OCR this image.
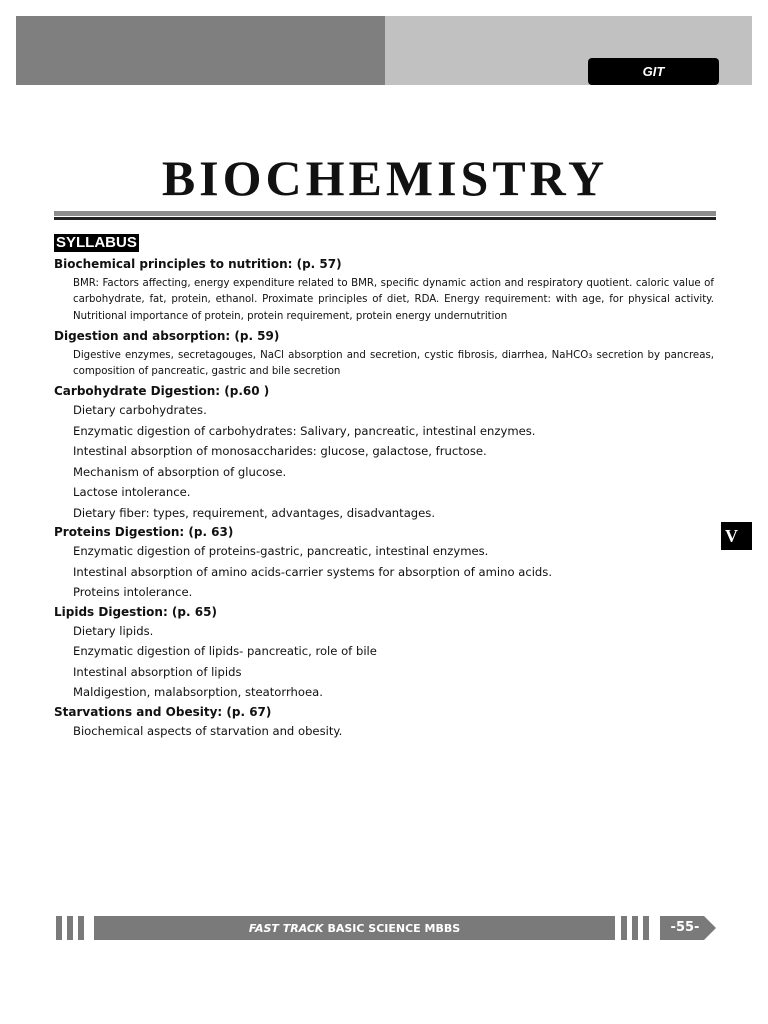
GIT
BIOCHEMISTRY
SYLLABUS
Biochemical principles to nutrition: (p. 57)
BMR: Factors affecting, energy expenditure related to BMR, specific dynamic action and respiratory quotient. caloric value of carbohydrate, fat, protein, ethanol. Proximate principles of diet, RDA. Energy requirement: with age, for physical activity. Nutritional importance of protein, protein requirement, protein energy undernutrition
Digestion and absorption: (p. 59)
Digestive enzymes, secretagouges, NaCl absorption and secretion, cystic fibrosis, diarrhea, NaHCO₃ secretion by pancreas, composition of pancreatic, gastric and bile secretion
Carbohydrate Digestion: (p.60 )
Dietary carbohydrates.
Enzymatic digestion of carbohydrates: Salivary, pancreatic, intestinal enzymes.
Intestinal absorption of monosaccharides: glucose, galactose, fructose.
Mechanism of absorption of glucose.
Lactose intolerance.
Dietary fiber: types, requirement, advantages, disadvantages.
Proteins Digestion: (p. 63)
Enzymatic digestion of proteins-gastric, pancreatic, intestinal enzymes.
Intestinal absorption of amino acids-carrier systems for absorption of amino acids.
Proteins intolerance.
Lipids Digestion: (p. 65)
Dietary lipids.
Enzymatic digestion of lipids- pancreatic, role of bile
Intestinal absorption of lipids
Maldigestion, malabsorption, steatorrhoea.
Starvations and Obesity: (p. 67)
Biochemical aspects of starvation and obesity.
V
FAST TRACK BASIC SCIENCE MBBS	-55-
